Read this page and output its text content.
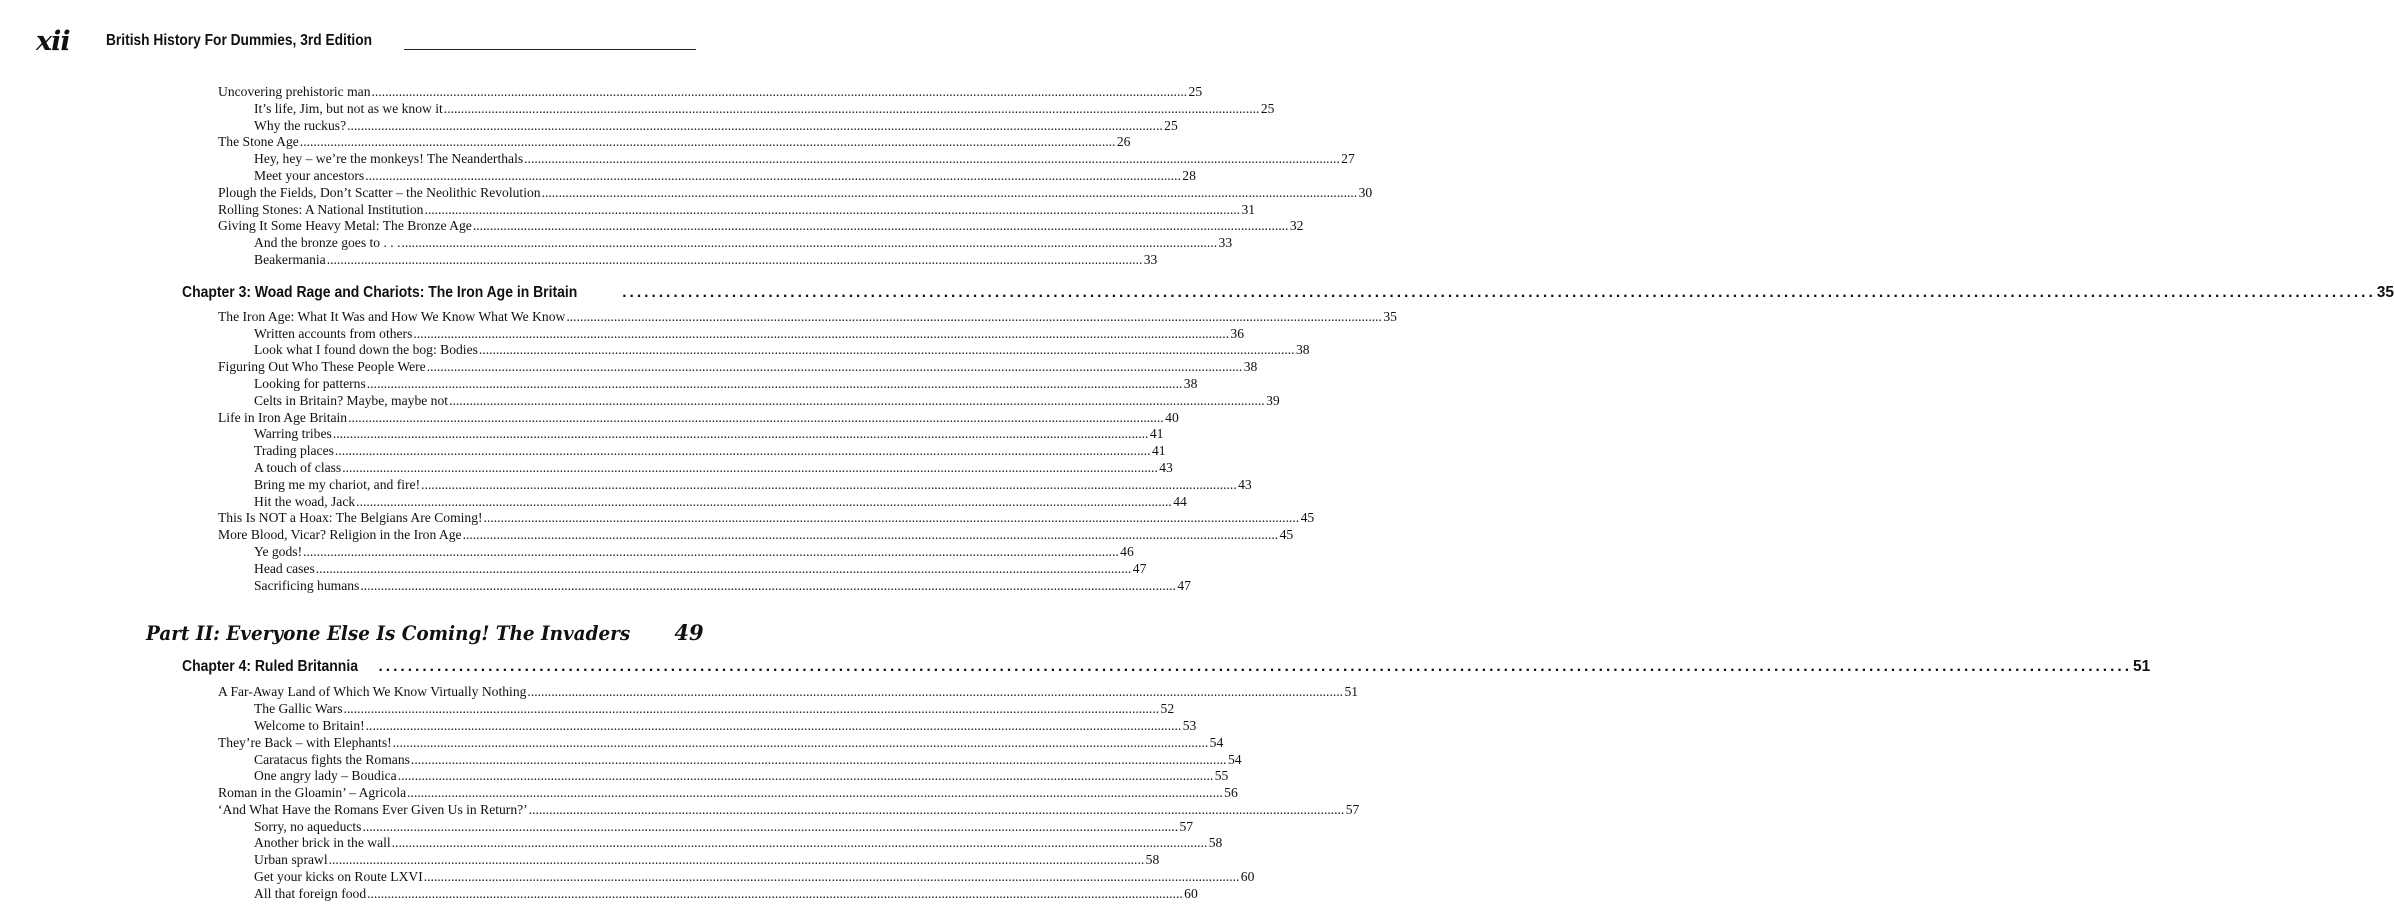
xii British History For Dummies, 3rd Edition
Uncovering prehistoric man .....	25
It’s life, Jim, but not as we know it .....	25
Why the ruckus? .....	25
The Stone Age .....	26
Hey, hey – we’re the monkeys! The Neanderthals .....	27
Meet your ancestors .....	28
Plough the Fields, Don’t Scatter – the Neolithic Revolution .....	30
Rolling Stones: A National Institution .....	31
Giving It Some Heavy Metal: The Bronze Age .....	32
And the bronze goes to . . . .....	33
Beakermania .....	33
Chapter 3: Woad Rage and Chariots: The Iron Age in Britain .....	35
The Iron Age: What It Was and How We Know What We Know .....	35
Written accounts from others .....	36
Look what I found down the bog: Bodies .....	38
Figuring Out Who These People Were .....	38
Looking for patterns .....	38
Celts in Britain? Maybe, maybe not .....	39
Life in Iron Age Britain .....	40
Warring tribes .....	41
Trading places .....	41
A touch of class .....	43
Bring me my chariot, and fire! .....	43
Hit the woad, Jack .....	44
This Is NOT a Hoax: The Belgians Are Coming! .....	45
More Blood, Vicar? Religion in the Iron Age .....	45
Ye gods! .....	46
Head cases .....	47
Sacrificing humans .....	47
Part II: Everyone Else Is Coming! The Invaders 49
Chapter 4: Ruled Britannia .....	51
A Far-Away Land of Which We Know Virtually Nothing .....	51
The Gallic Wars .....	52
Welcome to Britain! .....	53
They’re Back – with Elephants! .....	54
Caratacus fights the Romans .....	54
One angry lady – Boudica .....	55
Roman in the Gloamin’ – Agricola .....	56
‘And What Have the Romans Ever Given Us in Return?’ .....	57
Sorry, no aqueducts .....	57
Another brick in the wall .....	58
Urban sprawl .....	58
Get your kicks on Route LXVI .....	60
All that foreign food .....	60
